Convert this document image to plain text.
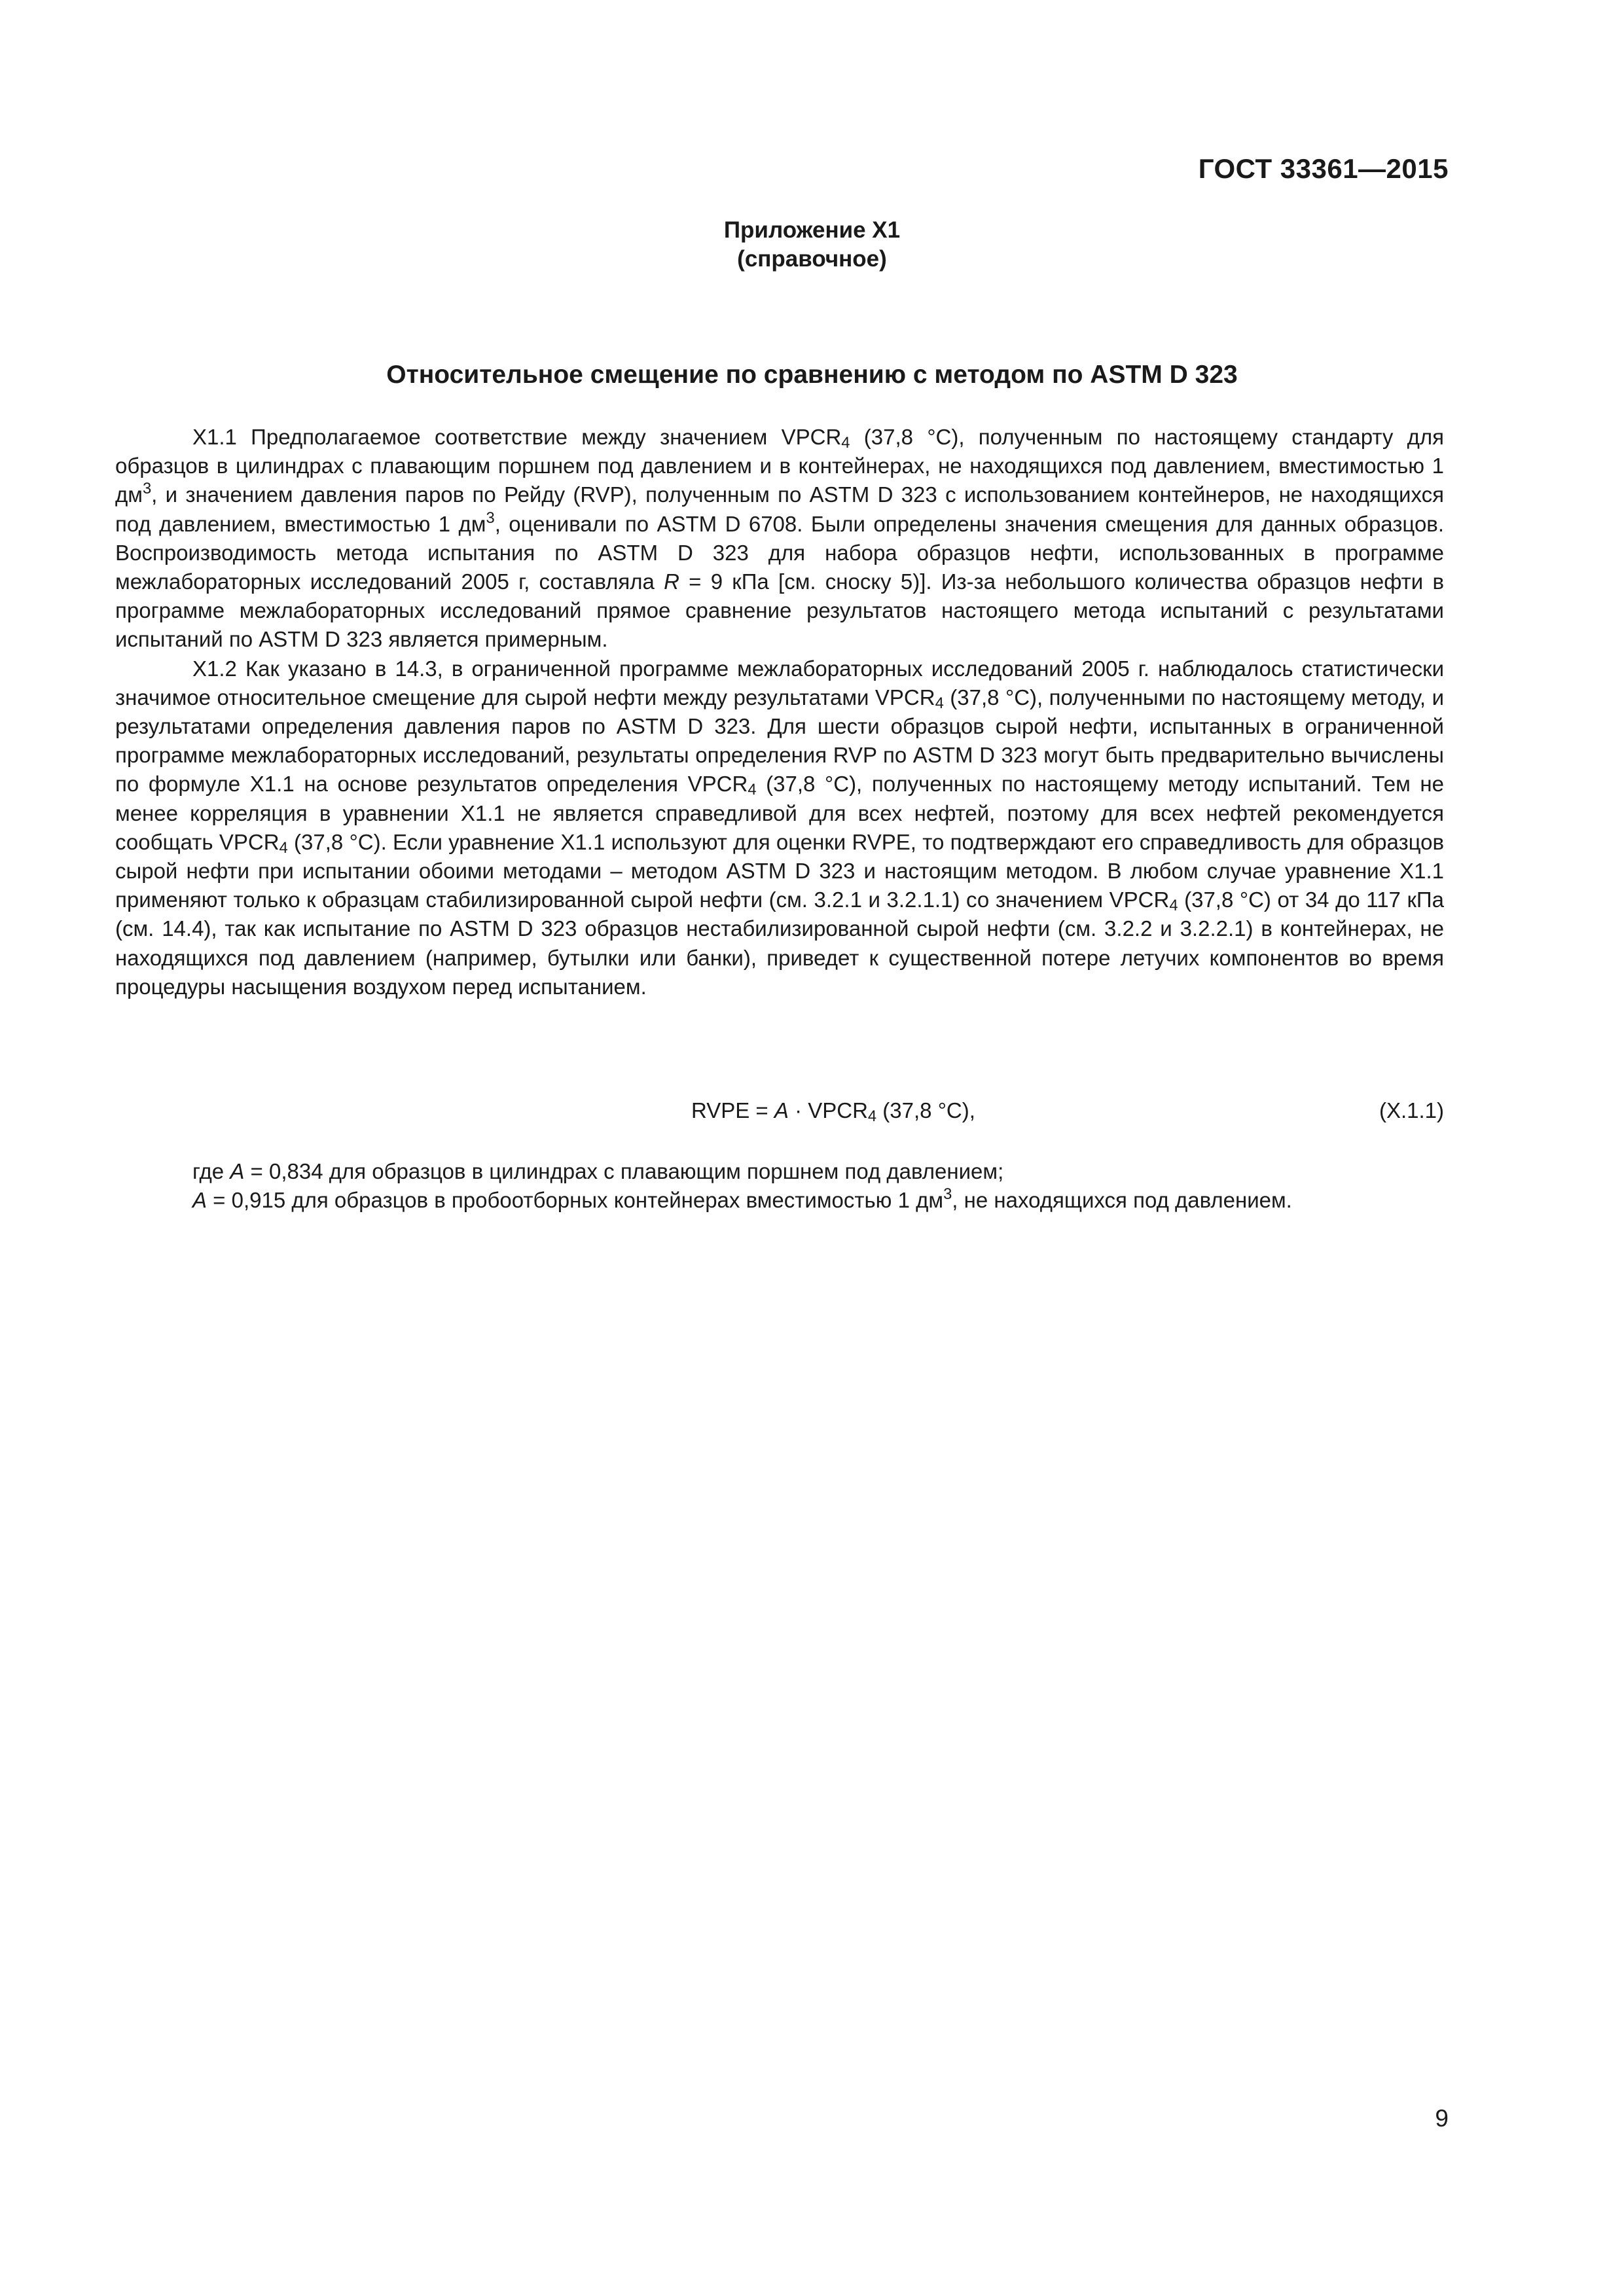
ГОСТ 33361—2015
Приложение Х1
(справочное)
Относительное смещение по сравнению с методом по ASTM D 323

Х1.1 Предполагаемое соответствие между значением $VPCR_4$ (37,8 °С), полученным по настоящему стандарту для образцов в цилиндрах с плавающим поршнем под давлением и в контейнерах, не находящихся под давлением, вместимостью 1 $дм^3$, и значением давления паров по Рейду (RVP), полученным по ASTM D 323 с использованием контейнеров, не находящихся под давлением, вместимостью 1 $дм^3$, оценивали по ASTM D 6708. Были определены значения смещения для данных образцов. Воспроизводимость метода испытания по ASTM D 323 для набора образцов нефти, использованных в программе межлабораторных исследований 2005 г, составляла R = 9 кПа [см. сноску 5)]. Из-за небольшого количества образцов нефти в программе межлабораторных исследований прямое сравнение результатов настоящего метода испытаний с результатами испытаний по ASTM D 323 является примерным.

Х1.2 Как указано в 14.3, в ограниченной программе межлабораторных исследований 2005 г. наблюдалось статистически значимое относительное смещение для сырой нефти между результатами $VPCR_4$ (37,8 °С), полученными по настоящему методу, и результатами определения давления паров по ASTM D 323. Для шести образцов сырой нефти, испытанных в ограниченной программе межлабораторных исследований, результаты определения RVP по ASTM D 323 могут быть предварительно вычислены по формуле Х1.1 на основе результатов определения $VPCR_4$ (37,8 °С), полученных по настоящему методу испытаний. Тем не менее корреляция в уравнении Х1.1 не является справедливой для всех нефтей, поэтому для всех нефтей рекомендуется сообщать $VPCR_4$ (37,8 °С). Если уравнение Х1.1 используют для оценки RVPE, то подтверждают его справедливость для образцов сырой нефти при испытании обоими методами – методом ASTM D 323 и настоящим методом. В любом случае уравнение Х1.1 применяют только к образцам стабилизированной сырой нефти (см. 3.2.1 и 3.2.1.1) со значением $VPCR_4$ (37,8 °С) от 34 до 117 кПа (см. 14.4), так как испытание по ASTM D 323 образцов нестабилизированной сырой нефти (см. 3.2.2 и 3.2.2.1) в контейнерах, не находящихся под давлением (например, бутылки или банки), приведет к существенной потере летучих компонентов во время процедуры насыщения воздухом перед испытанием.

RVPE = $A \cdot VPCR_4$ (37,8 °С),	(Х.1.1)
где A = 0,834 для образцов в цилиндрах с плавающим поршнем под давлением;
A = 0,915 для образцов в пробоотборных контейнерах вместимостью 1 $дм^3$, не находящихся под давлением.
9
